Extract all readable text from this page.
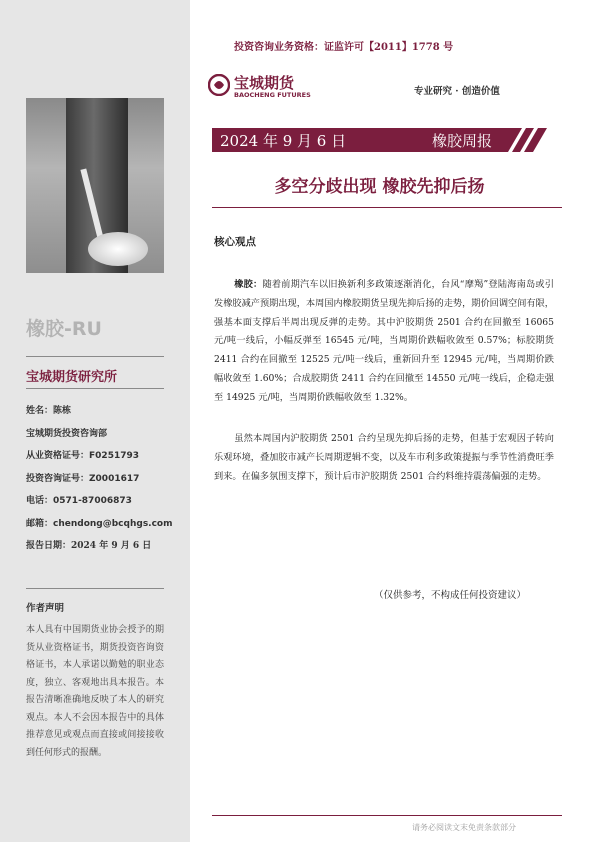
橡胶-RU
宝城期货研究所
姓名：陈栋
宝城期货投资咨询部
从业资格证号：F0251793
投资咨询证号：Z0001617
电话：0571-87006873
邮箱：chendong@bcqhgs.com
报告日期：2024 年 9 月 6 日
作者声明
本人具有中国期货业协会授予的期货从业资格证书，期货投资咨询资格证书，本人承诺以勤勉的职业态度，独立、客观地出具本报告。本报告清晰准确地反映了本人的研究观点。本人不会因本报告中的具体推荐意见或观点而直接或间接接收到任何形式的报酬。
投资咨询业务资格：证监许可【2011】1778 号
宝城期货
BAOCHENG FUTURES	专业研究 · 创造价值
2024 年 9 月 6 日	橡胶周报
多空分歧出现 橡胶先抑后扬
核心观点
橡胶：随着前期汽车以旧换新利多政策逐渐消化，台风“摩羯”登陆海南岛或引发橡胶减产预期出现，本周国内橡胶期货呈现先抑后扬的走势，期价回调空间有限，强基本面支撑后半周出现反弹的走势。其中沪胶期货 2501 合约在回撤至 16065 元/吨一线后，小幅反弹至 16545 元/吨，当周期价跌幅收敛至 0.57%；标胶期货 2411 合约在回撤至 12525 元/吨一线后，重新回升至 12945 元/吨，当周期价跌幅收敛至 1.60%；合成胶期货 2411 合约在回撤至 14550 元/吨一线后，企稳走强至 14925 元/吨，当周期价跌幅收敛至 1.32%。
虽然本周国内沪胶期货 2501 合约呈现先抑后扬的走势，但基于宏观因子转向乐观环境，叠加胶市减产长周期逻辑不变，以及车市利多政策提振与季节性消费旺季到来。在偏多氛围支撑下，预计后市沪胶期货 2501 合约料维持震荡偏强的走势。
（仅供参考，不构成任何投资建议）
请务必阅读文末免责条款部分
